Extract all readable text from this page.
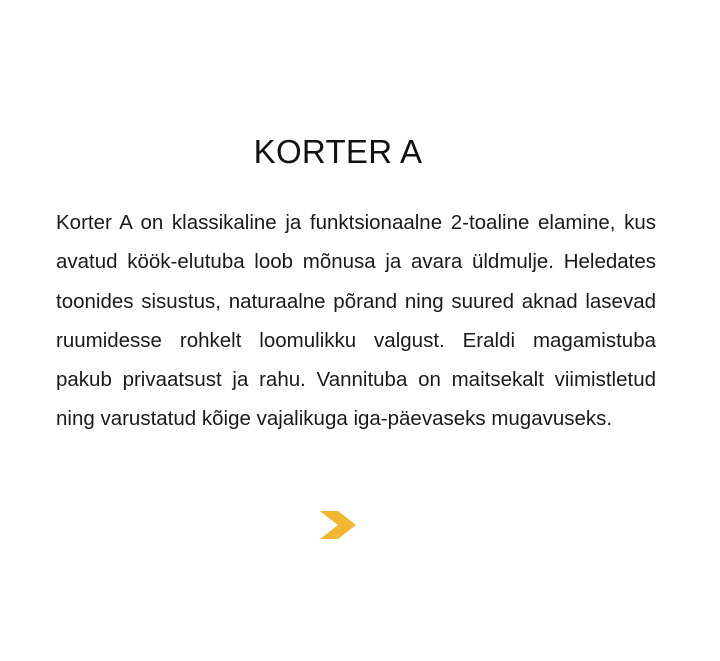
KORTER A

Korter A on klassikaline ja funktsionaalne 2-toaline elamine, kus avatud köök-elutuba loob mõnusa ja avara üldmulje. Heledates toonides sisustus, naturaalne põrand ning suured aknad lasevad ruumidesse rohkelt loomulikku valgust. Eraldi magamistuba pakub privaatsust ja rahu. Vannituba on maitsekalt viimistletud ning varustatud kõige vajalikuga iga-päevaseks mugavuseks.
